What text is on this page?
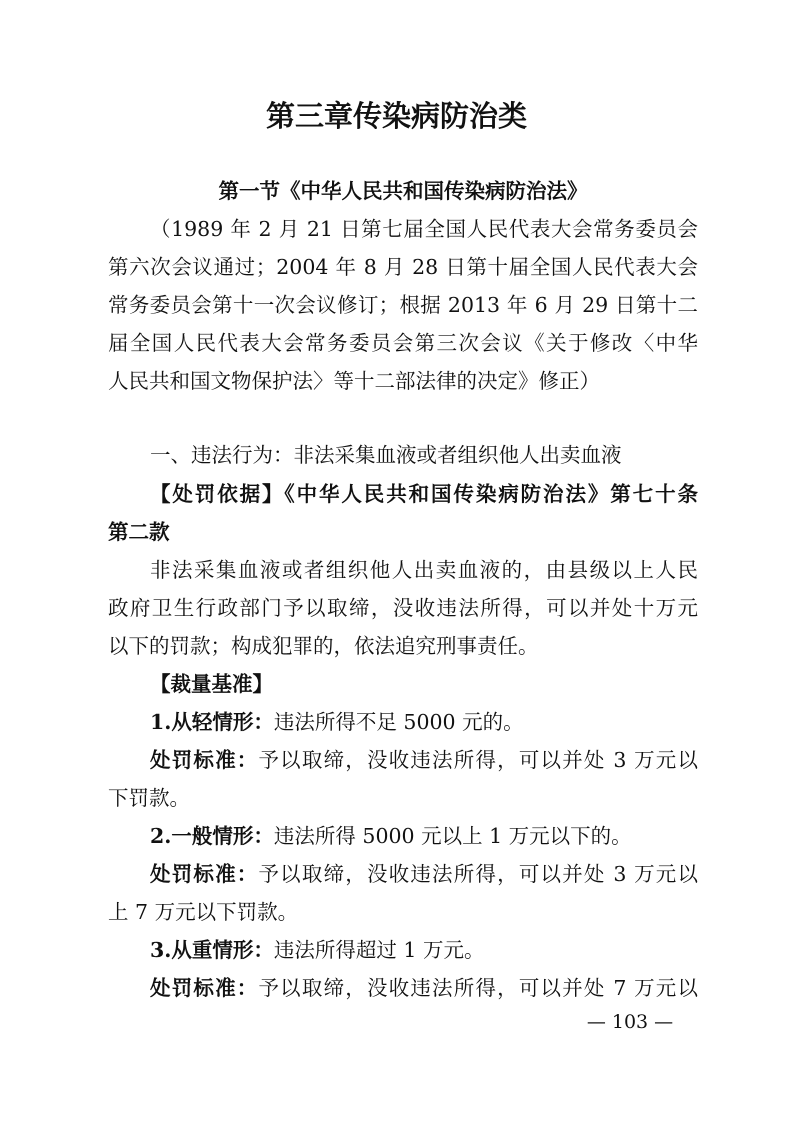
第三章传染病防治类
第一节《中华人民共和国传染病防治法》
（1989 年 2 月 21 日第七届全国人民代表大会常务委员会
第六次会议通过；2004 年 8 月 28 日第十届全国人民代表大会
常务委员会第十一次会议修订；根据 2013 年 6 月 29 日第十二
届全国人民代表大会常务委员会第三次会议《关于修改〈中华
人民共和国文物保护法〉等十二部法律的决定》修正）
一、违法行为：非法采集血液或者组织他人出卖血液
【处罚依据】《中华人民共和国传染病防治法》第七十条
第二款
非法采集血液或者组织他人出卖血液的，由县级以上人民
政府卫生行政部门予以取缔，没收违法所得，可以并处十万元
以下的罚款；构成犯罪的，依法追究刑事责任。
【裁量基准】
1.从轻情形：违法所得不足 5000 元的。
处罚标准：予以取缔，没收违法所得，可以并处 3 万元以
下罚款。
2.一般情形：违法所得 5000 元以上 1 万元以下的。
处罚标准：予以取缔，没收违法所得，可以并处 3 万元以
上 7 万元以下罚款。
3.从重情形：违法所得超过 1 万元。
处罚标准：予以取缔，没收违法所得，可以并处 7 万元以
— 103 —
